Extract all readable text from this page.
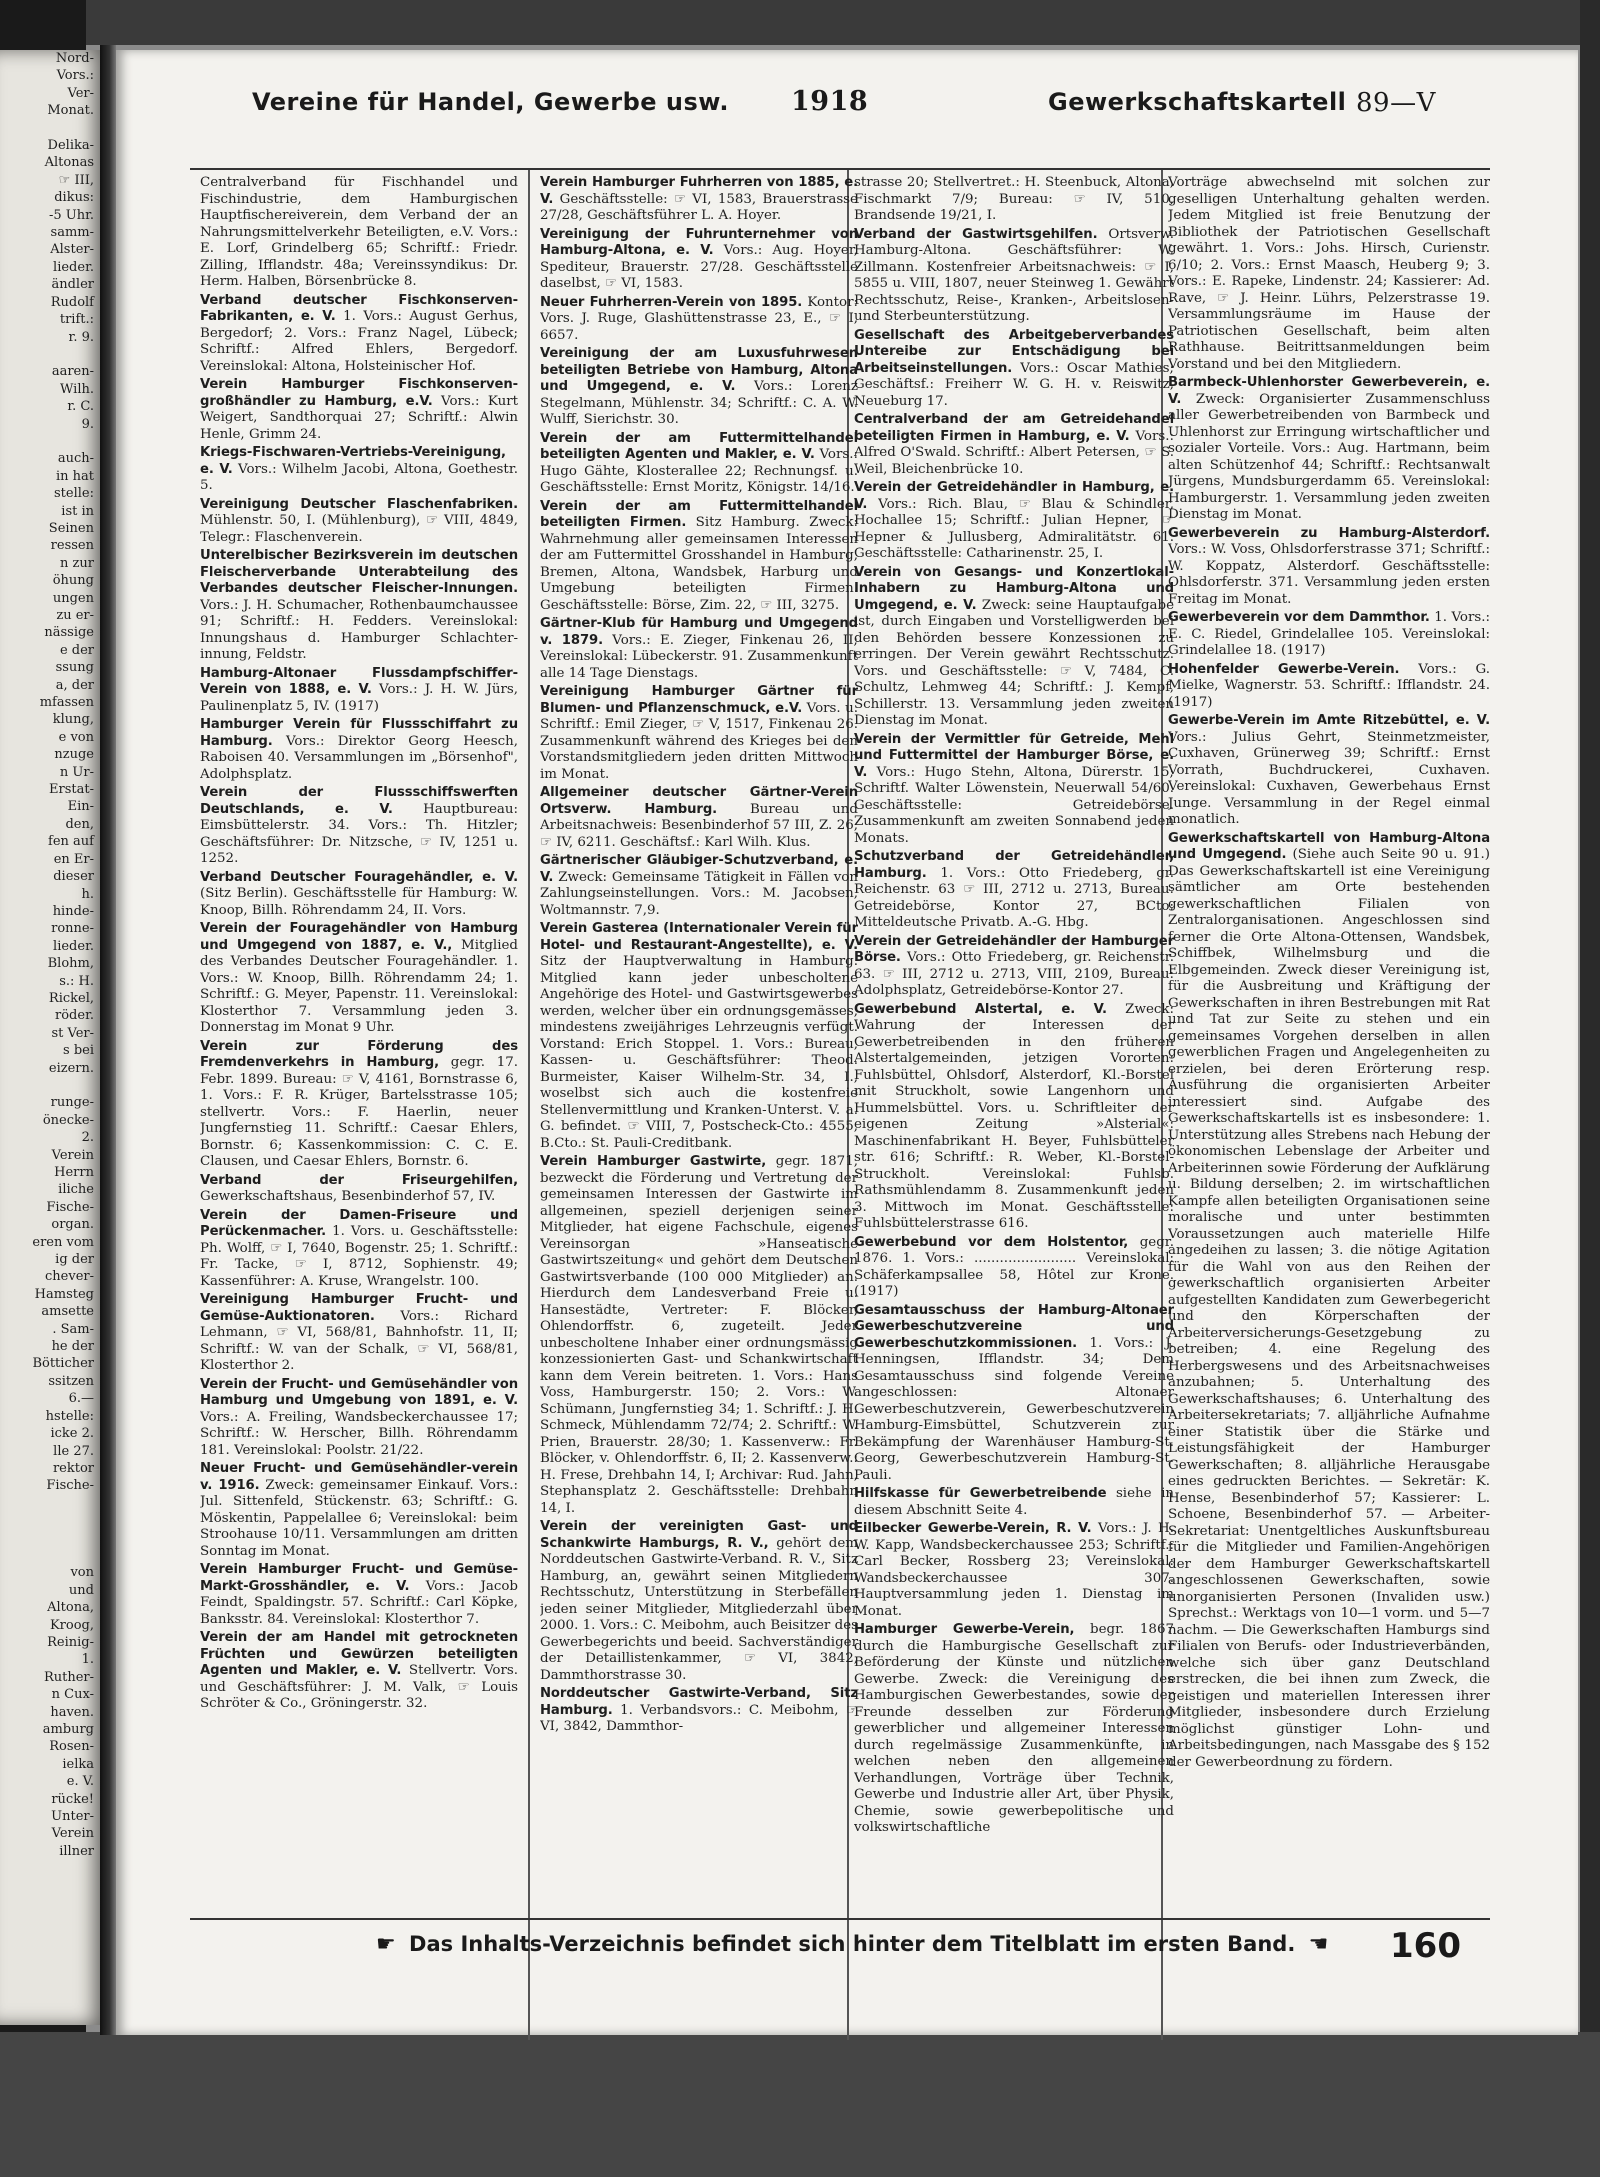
Nord-
Vors.:
Ver-
Monat.

Delika-
Altonas
☞ III,
dikus:
-5 Uhr.
samm-
Alster-
lieder.
ändler
Rudolf
trift.:
r. 9.

aaren-
Wilh.
r. C.
9.

auch-
in hat
stelle:
ist in
Seinen
ressen
n zur
öhung
ungen
zu er-
nässige
e der
ssung
a, der
mfassen
klung,
e von
nzuge
n Ur-
Erstat-
Ein-
den,
fen auf
en Er-
dieser
h.
hinde-
ronne-
lieder.
Blohm,
s.: H.
Rickel,
röder.
st Ver-
s bei
eizern.

runge-
önecke-
2.
Verein
Herrn
iliche
Fische-
organ.
eren vom
ig der
chever-
Hamsteg
amsette
. Sam-
he der
Bötticher
ssitzen
6.—
hstelle:
icke 2.
lle 27.
rektor
Fische-

von
und
Altona,
Kroog,
Reinig-
1.
Ruther-
n Cux-
haven.
amburg
Rosen-
ielka
e. V.
rücke!
Unter-
Verein
illner
Vereine für Handel, Gewerbe usw. 1918	Gewerkschaftskartell 89—V
Centralverband für Fischhandel und Fischindustrie, dem Hamburgischen Hauptfischereiverein, dem Verband der an Nahrungsmittelverkehr Beteiligten, e.V. Vors.: E. Lorf, Grindelberg 65; Schriftf.: Friedr. Zilling, Ifflandstr. 48a; Vereinssyndikus: Dr. Herm. Halben, Börsenbrücke 8.
Verband deutscher Fischkonserven-Fabrikanten, e. V. 1. Vors.: August Gerhus, Bergedorf; 2. Vors.: Franz Nagel, Lübeck; Schriftf.: Alfred Ehlers, Bergedorf. Vereinslokal: Altona, Holsteinischer Hof.
Verein Hamburger Fischkonserven-großhändler zu Hamburg, e.V. Vors.: Kurt Weigert, Sandthorquai 27; Schriftf.: Alwin Henle, Grimm 24.
Kriegs-Fischwaren-Vertriebs-Vereinigung, e. V. Vors.: Wilhelm Jacobi, Altona, Goethestr. 5.
Vereinigung Deutscher Flaschenfabriken. Mühlenstr. 50, I. (Mühlenburg), ☞ VIII, 4849, Telegr.: Flaschenverein.
Unterelbischer Bezirksverein im deutschen Fleischerverbande Unterabteilung des Verbandes deutscher Fleischer-Innungen. Vors.: J. H. Schumacher, Rothenbaumchaussee 91; Schriftf.: H. Fedders. Vereinslokal: Innungshaus d. Hamburger Schlachter-innung, Feldstr.
Hamburg-Altonaer Flussdampfschiffer-Verein von 1888, e. V. Vors.: J. H. W. Jürs, Paulinenplatz 5, IV. (1917)
Hamburger Verein für Flussschiffahrt zu Hamburg. Vors.: Direktor Georg Heesch, Raboisen 40. Versammlungen im „Börsenhof", Adolphsplatz.
Verein der Flussschiffswerften Deutschlands, e. V. Hauptbureau: Eimsbüttelerstr. 34. Vors.: Th. Hitzler; Geschäftsführer: Dr. Nitzsche, ☞ IV, 1251 u. 1252.
Verband Deutscher Fouragehändler, e. V. (Sitz Berlin). Geschäftsstelle für Hamburg: W. Knoop, Billh. Röhrendamm 24, II. Vors.
Verein der Fouragehändler von Hamburg und Umgegend von 1887, e. V., Mitglied des Verbandes Deutscher Fouragehändler. 1. Vors.: W. Knoop, Billh. Röhrendamm 24; 1. Schriftf.: G. Meyer, Papenstr. 11. Vereinslokal: Klosterthor 7. Versammlung jeden 3. Donnerstag im Monat 9 Uhr.
Verein zur Förderung des Fremdenverkehrs in Hamburg, gegr. 17. Febr. 1899. Bureau: ☞ V, 4161, Bornstrasse 6, 1. Vors.: F. R. Krüger, Bartelsstrasse 105; stellvertr. Vors.: F. Haerlin, neuer Jungfernstieg 11. Schriftf.: Caesar Ehlers, Bornstr. 6; Kassenkommission: C. C. E. Clausen, und Caesar Ehlers, Bornstr. 6.
Verband der Friseurgehilfen, Gewerkschaftshaus, Besenbinderhof 57, IV.
Verein der Damen-Friseure und Perückenmacher. 1. Vors. u. Geschäftsstelle: Ph. Wolff, ☞ I, 7640, Bogenstr. 25; 1. Schriftf.: Fr. Tacke, ☞ I, 8712, Sophienstr. 49; Kassenführer: A. Kruse, Wrangelstr. 100.
Vereinigung Hamburger Frucht- und Gemüse-Auktionatoren. Vors.: Richard Lehmann, ☞ VI, 568/81, Bahnhofstr. 11, II; Schriftf.: W. van der Schalk, ☞ VI, 568/81, Klosterthor 2.
Verein der Frucht- und Gemüsehändler von Hamburg und Umgebung von 1891, e. V. Vors.: A. Freiling, Wandsbeckerchaussee 17; Schriftf.: W. Herscher, Billh. Röhrendamm 181. Vereinslokal: Poolstr. 21/22.
Neuer Frucht- und Gemüsehändler-verein v. 1916. Zweck: gemeinsamer Einkauf. Vors.: Jul. Sittenfeld, Stückenstr. 63; Schriftf.: G. Möskentin, Pappelallee 6; Vereinslokal: beim Stroohause 10/11. Versammlungen am dritten Sonntag im Monat.
Verein Hamburger Frucht- und Gemüse-Markt-Grosshändler, e. V. Vors.: Jacob Feindt, Spaldingstr. 57. Schriftf.: Carl Köpke, Banksstr. 84. Vereinslokal: Klosterthor 7.
Verein der am Handel mit getrockneten Früchten und Gewürzen beteiligten Agenten und Makler, e. V. Stellvertr. Vors. und Geschäftsführer: J. M. Valk, ☞ Louis Schröter & Co., Gröningerstr. 32.
Verein Hamburger Fuhrherren von 1885, e. V. Geschäftsstelle: ☞ VI, 1583, Brauerstrasse 27/28, Geschäftsführer L. A. Hoyer.
Vereinigung der Fuhrunternehmer von Hamburg-Altona, e. V. Vors.: Aug. Hoyer, Spediteur, Brauerstr. 27/28. Geschäftsstelle daselbst, ☞ VI, 1583.
Neuer Fuhrherren-Verein von 1895. Kontor: Vors. J. Ruge, Glashüttenstrasse 23, E., ☞ I, 6657.
Vereinigung der am Luxusfuhrwesen beteiligten Betriebe von Hamburg, Altona und Umgegend, e. V. Vors.: Lorenz Stegelmann, Mühlenstr. 34; Schriftf.: C. A. W. Wulff, Sierichstr. 30.
Verein der am Futtermittelhandel beteiligten Agenten und Makler, e. V. Vors.: Hugo Gähte, Klosterallee 22; Rechnungsf. u. Geschäftsstelle: Ernst Moritz, Königstr. 14/16.
Verein der am Futtermittelhandel beteiligten Firmen. Sitz Hamburg. Zweck: Wahrnehmung aller gemeinsamen Interessen der am Futtermittel Grosshandel in Hamburg, Bremen, Altona, Wandsbek, Harburg und Umgebung beteiligten Firmen. Geschäftsstelle: Börse, Zim. 22, ☞ III, 3275.
Gärtner-Klub für Hamburg und Umgegend v. 1879. Vors.: E. Zieger, Finkenau 26, II; Vereinslokal: Lübeckerstr. 91. Zusammenkunft alle 14 Tage Dienstags.
Vereinigung Hamburger Gärtner für Blumen- und Pflanzenschmuck, e.V. Vors. u. Schriftf.: Emil Zieger, ☞ V, 1517, Finkenau 26. Zusammenkunft während des Krieges bei den Vorstandsmitgliedern jeden dritten Mittwoch im Monat.
Allgemeiner deutscher Gärtner-Verein Ortsverw. Hamburg. Bureau und Arbeitsnachweis: Besenbinderhof 57 III, Z. 26, ☞ IV, 6211. Geschäftsf.: Karl Wilh. Klus.
Gärtnerischer Gläubiger-Schutzverband, e. V. Zweck: Gemeinsame Tätigkeit in Fällen von Zahlungseinstellungen. Vors.: M. Jacobsen, Woltmannstr. 7,9.
Verein Gasterea (Internationaler Verein für Hotel- und Restaurant-Angestellte), e. V. Sitz der Hauptverwaltung in Hamburg. Mitglied kann jeder unbescholtene Angehörige des Hotel- und Gastwirtsgewerbes werden, welcher über ein ordnungsgemässes, mindestens zweijähriges Lehrzeugnis verfügt. Vorstand: Erich Stoppel. 1. Vors.: Bureau, Kassen- u. Geschäftsführer: Theod. Burmeister, Kaiser Wilhelm-Str. 34, I., woselbst sich auch die kostenfreie Stellenvermittlung und Kranken-Unterst. V. a. G. befindet. ☞ VIII, 7, Postscheck-Cto.: 4555, B.Cto.: St. Pauli-Creditbank.
Verein Hamburger Gastwirte, gegr. 1871, bezweckt die Förderung und Vertretung der gemeinsamen Interessen der Gastwirte im allgemeinen, speziell derjenigen seiner Mitglieder, hat eigene Fachschule, eigenes Vereinsorgan »Hanseatische Gastwirtszeitung« und gehört dem Deutschen Gastwirtsverbande (100 000 Mitglieder) an. Hierdurch dem Landesverband Freie u. Hansestädte, Vertreter: F. Blöcker, Ohlendorffstr. 6, zugeteilt. Jeder unbescholtene Inhaber einer ordnungsmässig konzessionierten Gast- und Schankwirtschaft kann dem Verein beitreten. 1. Vors.: Hans Voss, Hamburgerstr. 150; 2. Vors.: W. Schümann, Jungfernstieg 34; 1. Schriftf.: J. H. Schmeck, Mühlendamm 72/74; 2. Schriftf.: W. Prien, Brauerstr. 28/30; 1. Kassenverw.: Fr. Blöcker, v. Ohlendorffstr. 6, II; 2. Kassenverw.: H. Frese, Drehbahn 14, I; Archivar: Rud. Jahn, Stephansplatz 2. Geschäftsstelle: Drehbahn 14, I.
Verein der vereinigten Gast- und Schankwirte Hamburgs, R. V., gehört dem Norddeutschen Gastwirte-Verband. R. V., Sitz Hamburg, an, gewährt seinen Mitgliedern Rechtsschutz, Unterstützung in Sterbefällen jeden seiner Mitglieder, Mitgliederzahl über 2000. 1. Vors.: C. Meibohm, auch Beisitzer des Gewerbegerichts und beeid. Sachverständiger der Detaillistenkammer, ☞ VI, 3842, Dammthorstrasse 30.
Norddeutscher Gastwirte-Verband, Sitz Hamburg. 1. Verbandsvors.: C. Meibohm, ☞ VI, 3842, Dammthor-
strasse 20; Stellvertret.: H. Steenbuck, Altona, Fischmarkt 7/9; Bureau: ☞ IV, 510, Brandsende 19/21, I.
Verband der Gastwirtsgehilfen. Ortsverw. Hamburg-Altona. Geschäftsführer: W. Zillmann. Kostenfreier Arbeitsnachweis: ☞ I, 5855 u. VIII, 1807, neuer Steinweg 1. Gewährt Rechtsschutz, Reise-, Kranken-, Arbeitslosen- und Sterbeunterstützung.
Gesellschaft des Arbeitgeberverbandes Untereibe zur Entschädigung bei Arbeitseinstellungen. Vors.: Oscar Mathies; Geschäftsf.: Freiherr W. G. H. v. Reiswitz, Neueburg 17.
Centralverband der am Getreidehandel beteiligten Firmen in Hamburg, e. V. Vors.: Alfred O'Swald. Schriftf.: Albert Petersen, ☞ S. Weil, Bleichenbrücke 10.
Verein der Getreidehändler in Hamburg, e. V. Vors.: Rich. Blau, ☞ Blau & Schindler, Hochallee 15; Schriftf.: Julian Hepner, ☞ Hepner & Jullusberg, Admiralitätstr. 61. Geschäftsstelle: Catharinenstr. 25, I.
Verein von Gesangs- und Konzertlokal-Inhabern zu Hamburg-Altona und Umgegend, e. V. Zweck: seine Hauptaufgabe ist, durch Eingaben und Vorstelligwerden bei den Behörden bessere Konzessionen zu erringen. Der Verein gewährt Rechtsschutz. Vors. und Geschäftsstelle: ☞ V, 7484, C. Schultz, Lehmweg 44; Schriftf.: J. Kempf, Schillerstr. 13. Versammlung jeden zweiten Dienstag im Monat.
Verein der Vermittler für Getreide, Mehl und Futtermittel der Hamburger Börse, e. V. Vors.: Hugo Stehn, Altona, Dürerstr. 15; Schriftf. Walter Löwenstein, Neuerwall 54/60. Geschäftsstelle: Getreidebörse. Zusammenkunft am zweiten Sonnabend jeden Monats.
Schutzverband der Getreidehändler, Hamburg. 1. Vors.: Otto Friedeberg, gr. Reichenstr. 63 ☞ III, 2712 u. 2713, Bureau: Getreidebörse, Kontor 27, BCto: Mitteldeutsche Privatb. A.-G. Hbg.
Verein der Getreidehändler der Hamburger Börse. Vors.: Otto Friedeberg, gr. Reichenstr. 63. ☞ III, 2712 u. 2713, VIII, 2109, Bureau: Adolphsplatz, Getreidebörse-Kontor 27.
Gewerbebund Alstertal, e. V. Zweck: Wahrung der Interessen der Gewerbetreibenden in den früheren Alstertalgemeinden, jetzigen Vororten: Fuhlsbüttel, Ohlsdorf, Alsterdorf, Kl.-Borstel mit Struckholt, sowie Langenhorn und Hummelsbüttel. Vors. u. Schriftleiter der eigenen Zeitung »Alsterial«: Maschinenfabrikant H. Beyer, Fuhlsbütteler str. 616; Schriftf.: R. Weber, Kl.-Borstel-Struckholt. Vereinslokal: Fuhlsb. Rathsmühlendamm 8. Zusammenkunft jeden 3. Mittwoch im Monat. Geschäftsstelle: Fuhlsbüttelerstrasse 616.
Gewerbebund vor dem Holstentor, gegr. 1876. 1. Vors.: ........................ Vereinslokal: Schäferkampsallee 58, Hôtel zur Krone. (1917)
Gesamtausschuss der Hamburg-Altonaer Gewerbeschutzvereine und Gewerbeschutzkommissionen. 1. Vors.: J. Henningsen, Ifflandstr. 34; Dem Gesamtausschuss sind folgende Vereine angeschlossen: Altonaer Gewerbeschutzverein, Gewerbeschutzverein Hamburg-Eimsbüttel, Schutzverein zur Bekämpfung der Warenhäuser Hamburg-St. Georg, Gewerbeschutzverein Hamburg-St. Pauli.
Hilfskasse für Gewerbetreibende siehe in diesem Abschnitt Seite 4.
Eilbecker Gewerbe-Verein, R. V. Vors.: J. H. W. Kapp, Wandsbeckerchaussee 253; Schriftf.: Carl Becker, Rossberg 23; Vereinslokal: Wandsbeckerchaussee 307. Hauptversammlung jeden 1. Dienstag im Monat.
Hamburger Gewerbe-Verein, begr. 1867 durch die Hamburgische Gesellschaft zur Beförderung der Künste und nützlichen Gewerbe. Zweck: die Vereinigung des Hamburgischen Gewerbestandes, sowie der Freunde desselben zur Förderung gewerblicher und allgemeiner Interessen durch regelmässige Zusammenkünfte, in welchen neben den allgemeinen Verhandlungen, Vorträge über Technik, Gewerbe und Industrie aller Art, über Physik, Chemie, sowie gewerbepolitische und volkswirtschaftliche
Vorträge abwechselnd mit solchen zur geselligen Unterhaltung gehalten werden. Jedem Mitglied ist freie Benutzung der Bibliothek der Patriotischen Gesellschaft gewährt. 1. Vors.: Johs. Hirsch, Curienstr. 6/10; 2. Vors.: Ernst Maasch, Heuberg 9; 3. Vors.: E. Rapeke, Lindenstr. 24; Kassierer: Ad. Rave, ☞ J. Heinr. Lührs, Pelzerstrasse 19. Versammlungsräume im Hause der Patriotischen Gesellschaft, beim alten Rathhause. Beitrittsanmeldungen beim Vorstand und bei den Mitgliedern.
Barmbeck-Uhlenhorster Gewerbeverein, e. V. Zweck: Organisierter Zusammenschluss aller Gewerbetreibenden von Barmbeck und Uhlenhorst zur Erringung wirtschaftlicher und sozialer Vorteile. Vors.: Aug. Hartmann, beim alten Schützenhof 44; Schriftf.: Rechtsanwalt Jürgens, Mundsburgerdamm 65. Vereinslokal: Hamburgerstr. 1. Versammlung jeden zweiten Dienstag im Monat.
Gewerbeverein zu Hamburg-Alsterdorf. Vors.: W. Voss, Ohlsdorferstrasse 371; Schriftf.: W. Koppatz, Alsterdorf. Geschäftsstelle: Ohlsdorferstr. 371. Versammlung jeden ersten Freitag im Monat.
Gewerbeverein vor dem Dammthor. 1. Vors.: E. C. Riedel, Grindelallee 105. Vereinslokal: Grindelallee 18. (1917)
Hohenfelder Gewerbe-Verein. Vors.: G. Mielke, Wagnerstr. 53. Schriftf.: Ifflandstr. 24. (1917)
Gewerbe-Verein im Amte Ritzebüttel, e. V. Vors.: Julius Gehrt, Steinmetzmeister, Cuxhaven, Grünerweg 39; Schriftf.: Ernst Vorrath, Buchdruckerei, Cuxhaven. Vereinslokal: Cuxhaven, Gewerbehaus Ernst Junge. Versammlung in der Regel einmal monatlich.
Gewerkschaftskartell von Hamburg-Altona und Umgegend. (Siehe auch Seite 90 u. 91.) Das Gewerkschaftskartell ist eine Vereinigung sämtlicher am Orte bestehenden gewerkschaftlichen Filialen von Zentralorganisationen. Angeschlossen sind ferner die Orte Altona-Ottensen, Wandsbek, Schiffbek, Wilhelmsburg und die Elbgemeinden. Zweck dieser Vereinigung ist, für die Ausbreitung und Kräftigung der Gewerkschaften in ihren Bestrebungen mit Rat und Tat zur Seite zu stehen und ein gemeinsames Vorgehen derselben in allen gewerblichen Fragen und Angelegenheiten zu erzielen, bei deren Erörterung resp. Ausführung die organisierten Arbeiter interessiert sind. Aufgabe des Gewerkschaftskartells ist es insbesondere: 1. Unterstützung alles Strebens nach Hebung der ökonomischen Lebenslage der Arbeiter und Arbeiterinnen sowie Förderung der Aufklärung u. Bildung derselben; 2. im wirtschaftlichen Kampfe allen beteiligten Organisationen seine moralische und unter bestimmten Voraussetzungen auch materielle Hilfe angedeihen zu lassen; 3. die nötige Agitation für die Wahl von aus den Reihen der gewerkschaftlich organisierten Arbeiter aufgestellten Kandidaten zum Gewerbegericht und den Körperschaften der Arbeiterversicherungs-Gesetzgebung zu betreiben; 4. eine Regelung des Herbergswesens und des Arbeitsnachweises anzubahnen; 5. Unterhaltung des Gewerkschaftshauses; 6. Unterhaltung des Arbeitersekretariats; 7. alljährliche Aufnahme einer Statistik über die Stärke und Leistungsfähigkeit der Hamburger Gewerkschaften; 8. alljährliche Herausgabe eines gedruckten Berichtes. — Sekretär: K. Hense, Besenbinderhof 57; Kassierer: L. Schoene, Besenbinderhof 57. — Arbeiter-Sekretariat: Unentgeltliches Auskunftsbureau für die Mitglieder und Familien-Angehörigen der dem Hamburger Gewerkschaftskartell angeschlossenen Gewerkschaften, sowie unorganisierten Personen (Invaliden usw.) Sprechst.: Werktags von 10—1 vorm. und 5—7 nachm. — Die Gewerkschaften Hamburgs sind Filialen von Berufs- oder Industrieverbänden, welche sich über ganz Deutschland erstrecken, die bei ihnen zum Zweck, die geistigen und materiellen Interessen ihrer Mitglieder, insbesondere durch Erzielung möglichst günstiger Lohn- und Arbeitsbedingungen, nach Massgabe des § 152 der Gewerbeordnung zu fördern.
☛ Das Inhalts-Verzeichnis befindet sich hinter dem Titelblatt im ersten Band. ☚ 160
